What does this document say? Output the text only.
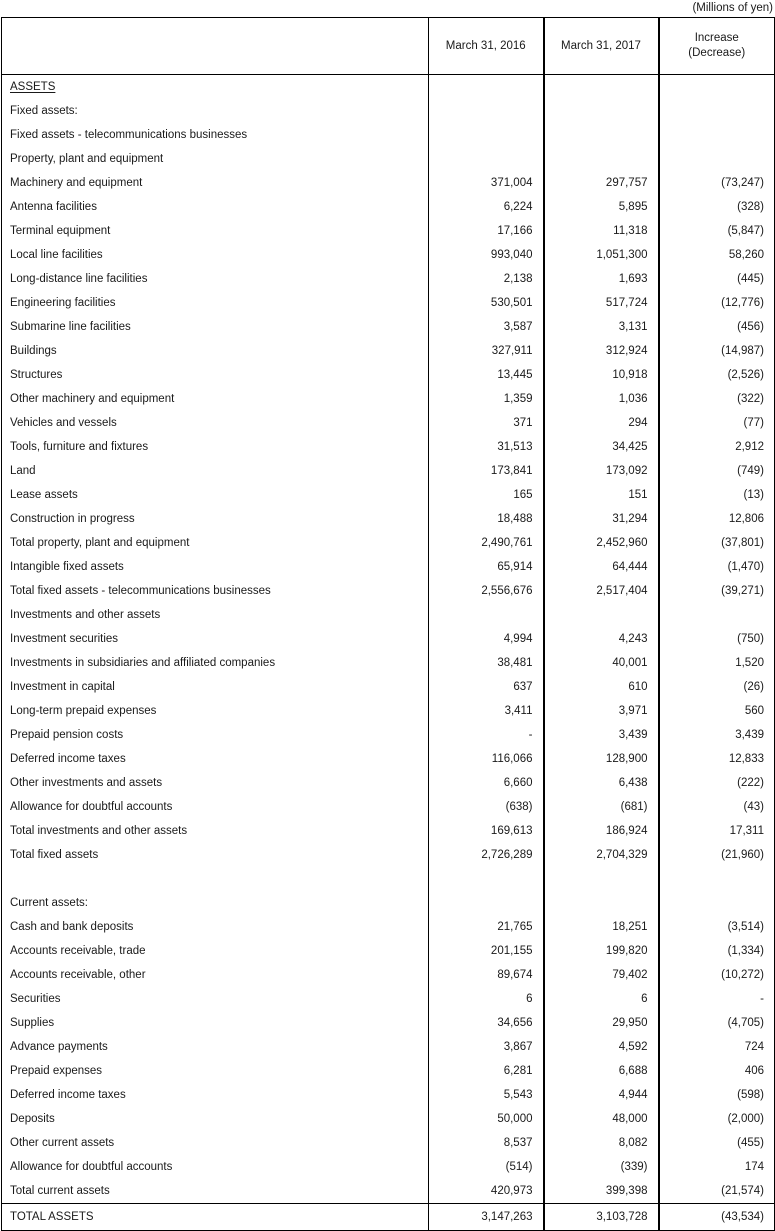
(Millions of yen)
	March 31, 2016	March 31, 2017	Increase
(Decrease)

ASSETS			
Fixed assets:			
Fixed assets - telecommunications businesses			
Property, plant and equipment			
Machinery and equipment	371,004	297,757	(73,247)
Antenna facilities	6,224	5,895	(328)
Terminal equipment	17,166	11,318	(5,847)
Local line facilities	993,040	1,051,300	58,260
Long-distance line facilities	2,138	1,693	(445)
Engineering facilities	530,501	517,724	(12,776)
Submarine line facilities	3,587	3,131	(456)
Buildings	327,911	312,924	(14,987)
Structures	13,445	10,918	(2,526)
Other machinery and equipment	1,359	1,036	(322)
Vehicles and vessels	371	294	(77)
Tools, furniture and fixtures	31,513	34,425	2,912
Land	173,841	173,092	(749)
Lease assets	165	151	(13)
Construction in progress	18,488	31,294	12,806
Total property, plant and equipment	2,490,761	2,452,960	(37,801)
Intangible fixed assets	65,914	64,444	(1,470)
Total fixed assets - telecommunications businesses	2,556,676	2,517,404	(39,271)
Investments and other assets			
Investment securities	4,994	4,243	(750)
Investments in subsidiaries and affiliated companies	38,481	40,001	1,520
Investment in capital	637	610	(26)
Long-term prepaid expenses	3,411	3,971	560
Prepaid pension costs	-	3,439	3,439
Deferred income taxes	116,066	128,900	12,833
Other investments and assets	6,660	6,438	(222)
Allowance for doubtful accounts	(638)	(681)	(43)
Total investments and other assets	169,613	186,924	17,311
Total fixed assets	2,726,289	2,704,329	(21,960)

Current assets:			
Cash and bank deposits	21,765	18,251	(3,514)
Accounts receivable, trade	201,155	199,820	(1,334)
Accounts receivable, other	89,674	79,402	(10,272)
Securities	6	6	-
Supplies	34,656	29,950	(4,705)
Advance payments	3,867	4,592	724
Prepaid expenses	6,281	6,688	406
Deferred income taxes	5,543	4,944	(598)
Deposits	50,000	48,000	(2,000)
Other current assets	8,537	8,082	(455)
Allowance for doubtful accounts	(514)	(339)	174
Total current assets	420,973	399,398	(21,574)
TOTAL ASSETS	3,147,263	3,103,728	(43,534)
